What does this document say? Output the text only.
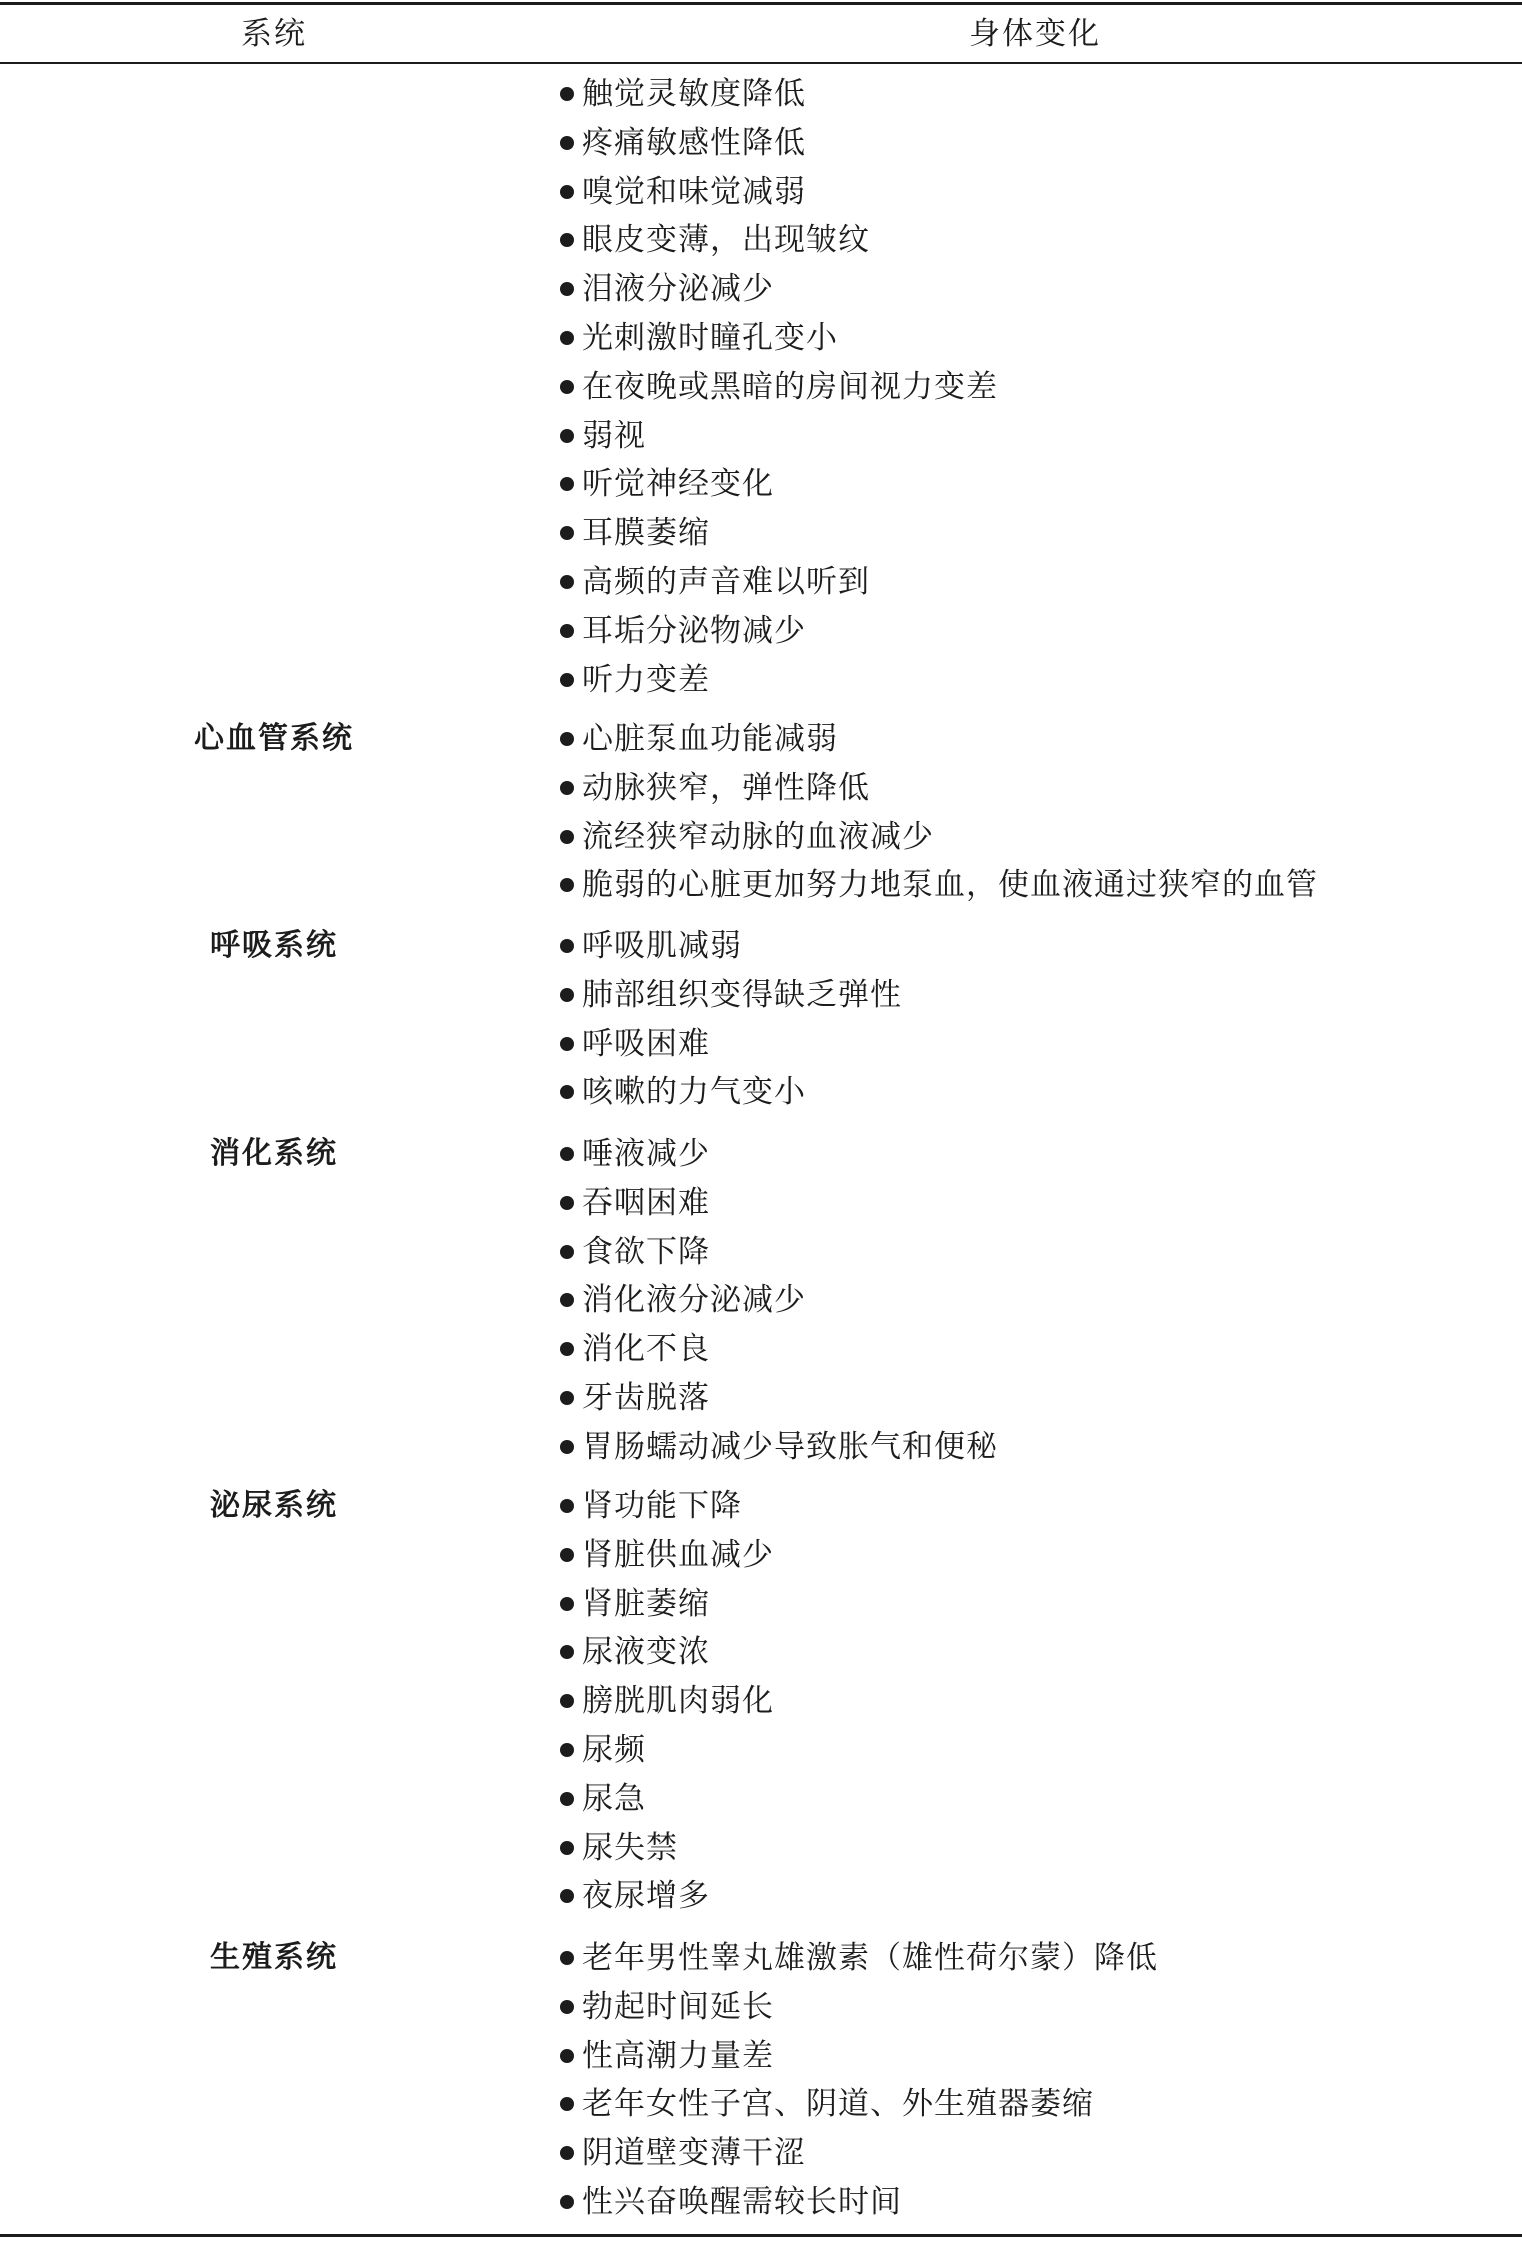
系统	身体变化
触觉灵敏度降低
疼痛敏感性降低
嗅觉和味觉减弱
眼皮变薄，出现皱纹
泪液分泌减少
光刺激时瞳孔变小
在夜晚或黑暗的房间视力变差
弱视
听觉神经变化
耳膜萎缩
高频的声音难以听到
耳垢分泌物减少
听力变差
心血管系统	心脏泵血功能减弱
动脉狭窄，弹性降低
流经狭窄动脉的血液减少
脆弱的心脏更加努力地泵血，使血液通过狭窄的血管
呼吸系统	呼吸肌减弱
肺部组织变得缺乏弹性
呼吸困难
咳嗽的力气变小
消化系统	唾液减少
吞咽困难
食欲下降
消化液分泌减少
消化不良
牙齿脱落
胃肠蠕动减少导致胀气和便秘
泌尿系统	肾功能下降
肾脏供血减少
肾脏萎缩
尿液变浓
膀胱肌肉弱化
尿频
尿急
尿失禁
夜尿增多
生殖系统	老年男性睾丸雄激素（雄性荷尔蒙）降低
勃起时间延长
性高潮力量差
老年女性子宫、阴道、外生殖器萎缩
阴道壁变薄干涩
性兴奋唤醒需较长时间
